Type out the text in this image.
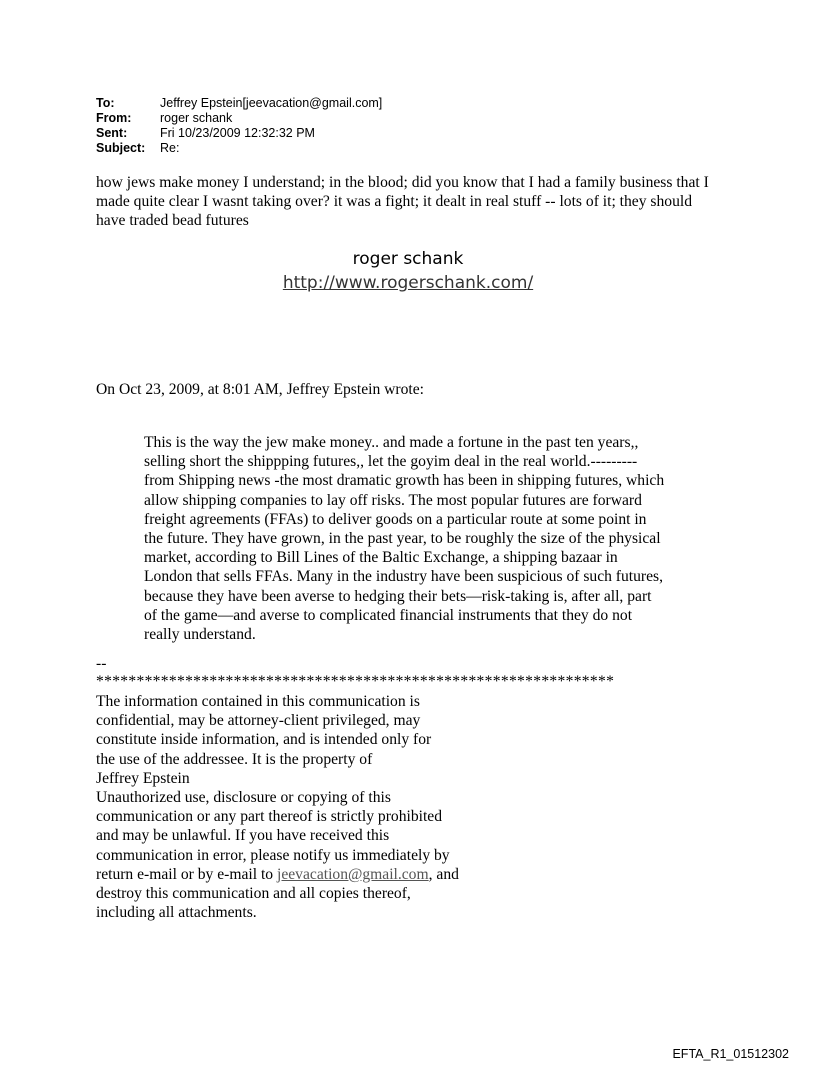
To:	Jeffrey Epstein[jeevacation@gmail.com]
From:	roger schank
Sent:	Fri 10/23/2009 12:32:32 PM
Subject:	Re:
how jews make money I understand; in the blood; did you know that I had a family business that I
made quite clear I wasnt taking over? it was a fight; it dealt in real stuff -- lots of it; they should
have traded bead futures
roger schank
http://www.rogerschank.com/
On Oct 23, 2009, at 8:01 AM, Jeffrey Epstein wrote:
This is the way the jew make money.. and made a fortune in the past ten years,,
selling short the shippping futures,, let the goyim deal in the real world.---------
from Shipping news -the most dramatic growth has been in shipping futures, which
allow shipping companies to lay off risks. The most popular futures are forward
freight agreements (FFAs) to deliver goods on a particular route at some point in
the future. They have grown, in the past year, to be roughly the size of the physical
market, according to Bill Lines of the Baltic Exchange, a shipping bazaar in
London that sells FFAs. Many in the industry have been suspicious of such futures,
because they have been averse to hedging their bets—risk-taking is, after all, part
of the game—and averse to complicated financial instruments that they do not
really understand.
--
****************************************************************
The information contained in this communication is
confidential, may be attorney-client privileged, may
constitute inside information, and is intended only for
the use of the addressee. It is the property of
Jeffrey Epstein
Unauthorized use, disclosure or copying of this
communication or any part thereof is strictly prohibited
and may be unlawful. If you have received this
communication in error, please notify us immediately by
return e-mail or by e-mail to jeevacation@gmail.com, and
destroy this communication and all copies thereof,
including all attachments.
EFTA_R1_01512302
